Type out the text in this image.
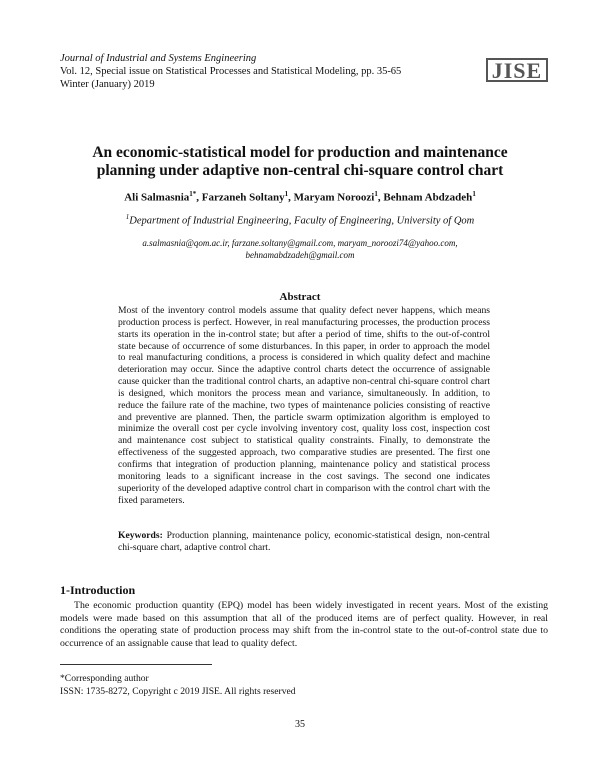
Journal of Industrial and Systems Engineering
Vol. 12, Special issue on Statistical Processes and Statistical Modeling, pp. 35-65
Winter (January) 2019
JISE
An economic-statistical model for production and maintenance
planning under adaptive non-central chi-square control chart
Ali Salmasnia$^{1*}$, Farzaneh Soltany$^1$, Maryam Noroozi$^1$, Behnam Abdzadeh$^1$
$^1$Department of Industrial Engineering, Faculty of Engineering, University of Qom
a.salmasnia@qom.ac.ir, farzane.soltany@gmail.com, maryam_noroozi74@yahoo.com,
behnamabdzadeh@gmail.com
Abstract
Most of the inventory control models assume that quality defect never happens, which means production process is perfect. However, in real manufacturing processes, the production process starts its operation in the in-control state; but after a period of time, shifts to the out-of-control state because of occurrence of some disturbances. In this paper, in order to approach the model to real manufacturing conditions, a process is considered in which quality defect and machine deterioration may occur. Since the adaptive control charts detect the occurrence of assignable cause quicker than the traditional control charts, an adaptive non-central chi-square control chart is designed, which monitors the process mean and variance, simultaneously. In addition, to reduce the failure rate of the machine, two types of maintenance policies consisting of reactive and preventive are planned. Then, the particle swarm optimization algorithm is employed to minimize the overall cost per cycle involving inventory cost, quality loss cost, inspection cost and maintenance cost subject to statistical quality constraints. Finally, to demonstrate the effectiveness of the suggested approach, two comparative studies are presented. The first one confirms that integration of production planning, maintenance policy and statistical process monitoring leads to a significant increase in the cost savings. The second one indicates superiority of the developed adaptive control chart in comparison with the control chart with the fixed parameters.
Keywords: Production planning, maintenance policy, economic-statistical design, non-central chi-square chart, adaptive control chart.
1-Introduction
The economic production quantity (EPQ) model has been widely investigated in recent years. Most of the existing models were made based on this assumption that all of the produced items are of perfect quality. However, in real conditions the operating state of production process may shift from the in-control state to the out-of-control state due to occurrence of an assignable cause that lead to quality defect.
*Corresponding author
ISSN: 1735-8272, Copyright c 2019 JISE. All rights reserved
35
